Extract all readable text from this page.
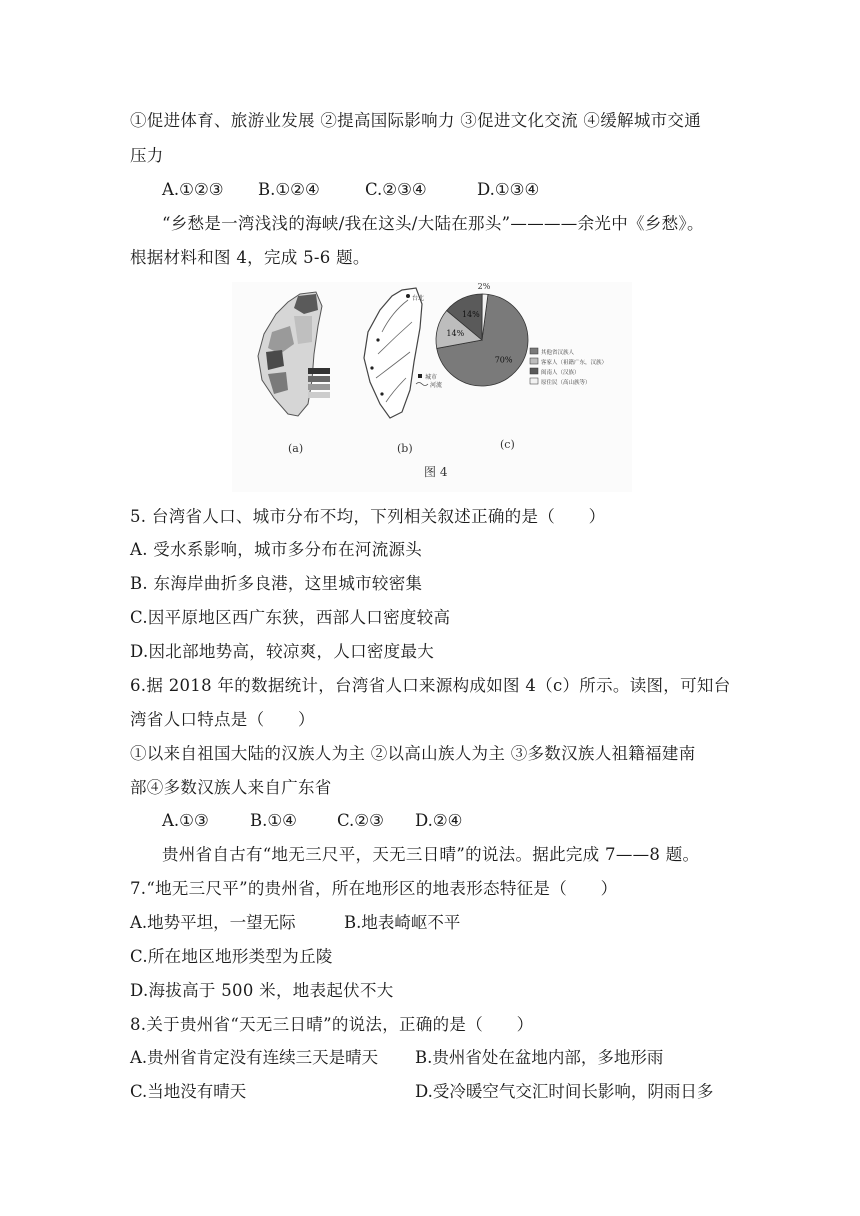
①促进体育、旅游业发展 ②提高国际影响力 ③促进文化交流 ④缓解城市交通
压力
A.①②③ B.①②④	C.②③④	D.①③④
“乡愁是一湾浅浅的海峡/我在这头/大陆在那头”————余光中《乡愁》。
根据材料和图 4，完成 5-6 题。
台北
城市
河流
70%
14%
14%
2%
其他省汉族人
客家人（祖籍广东，汉族）
闽南人（汉族）
原住民（高山族等）
(a)	(b)	(c)
图 4
5. 台湾省人口、城市分布不均，下列相关叙述正确的是（　　）
A. 受水系影响，城市多分布在河流源头
B. 东海岸曲折多良港，这里城市较密集
C.因平原地区西广东狭，西部人口密度较高
D.因北部地势高，较凉爽，人口密度最大
6.据 2018 年的数据统计，台湾省人口来源构成如图 4（c）所示。读图，可知台
湾省人口特点是（　　）
①以来自祖国大陆的汉族人为主 ②以高山族人为主 ③多数汉族人祖籍福建南
部④多数汉族人来自广东省
A.①③	B.①④ C.②③ D.②④
贵州省自古有“地无三尺平，天无三日晴”的说法。据此完成 7——8 题。
7.“地无三尺平”的贵州省，所在地形区的地表形态特征是（　　）
A.地势平坦，一望无际	B.地表崎岖不平
C.所在地区地形类型为丘陵
D.海拔高于 500 米，地表起伏不大
8.关于贵州省“天无三日晴”的说法，正确的是（　　）
A.贵州省肯定没有连续三天是晴天 B.贵州省处在盆地内部，多地形雨
C.当地没有晴天	D.受冷暖空气交汇时间长影响，阴雨日多
